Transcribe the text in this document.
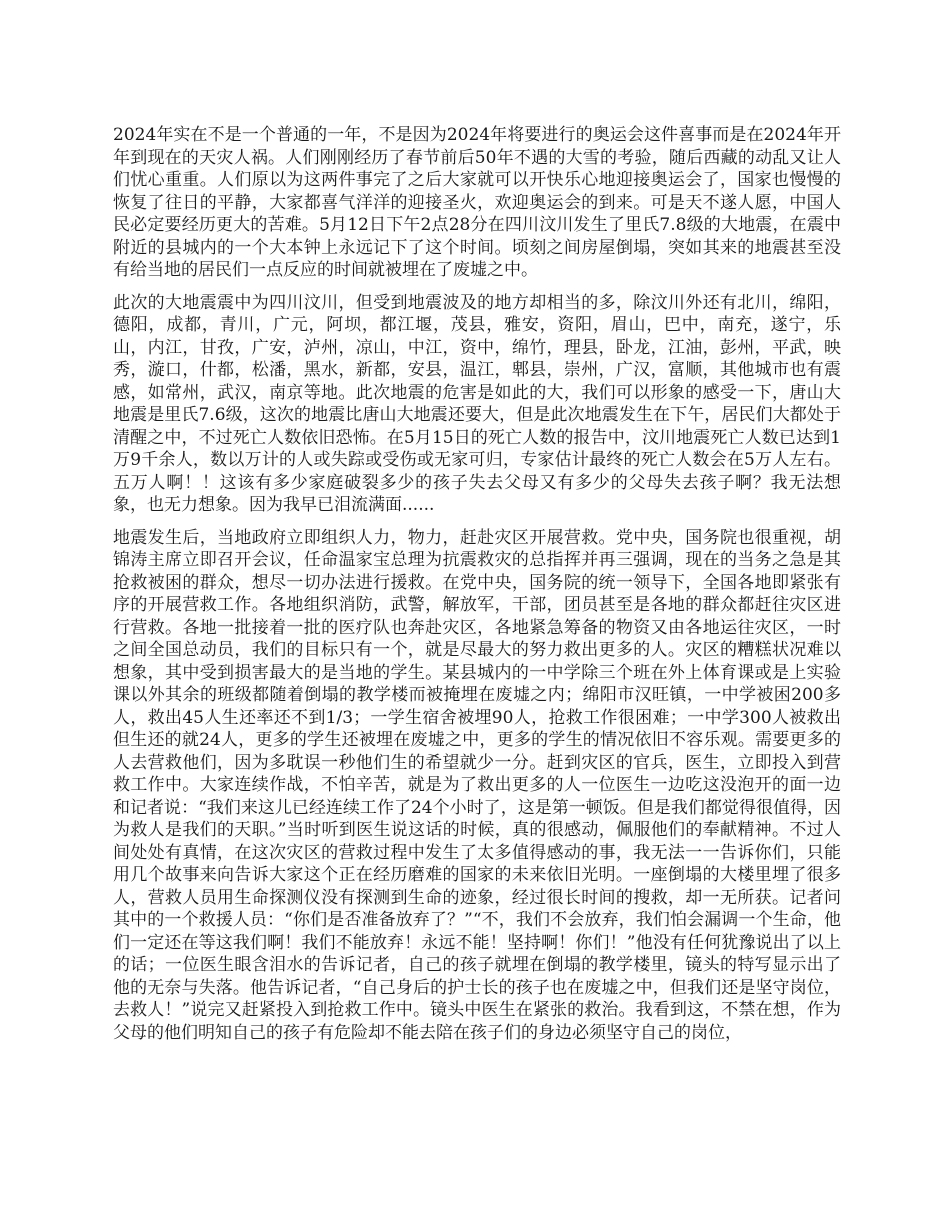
2024年实在不是一个普通的一年，不是因为2024年将要进行的奥运会这件喜事而是在2024年开年到现在的天灾人祸。人们刚刚经历了春节前后50年不遇的大雪的考验，随后西藏的动乱又让人们忧心重重。人们原以为这两件事完了之后大家就可以开快乐心地迎接奥运会了，国家也慢慢的恢复了往日的平静，大家都喜气洋洋的迎接圣火，欢迎奥运会的到来。可是天不遂人愿，中国人民必定要经历更大的苦难。5月12日下午2点28分在四川汶川发生了里氏7.8级的大地震，在震中附近的县城内的一个大本钟上永远记下了这个时间。顷刻之间房屋倒塌，突如其来的地震甚至没有给当地的居民们一点反应的时间就被埋在了废墟之中。

此次的大地震震中为四川汶川，但受到地震波及的地方却相当的多，除汶川外还有北川，绵阳，德阳，成都，青川，广元，阿坝，都江堰，茂县，雅安，资阳，眉山，巴中，南充，遂宁，乐山，内江，甘孜，广安，泸州，凉山，中江，资中，绵竹，理县，卧龙，江油，彭州，平武，映秀，漩口，什都，松潘，黑水，新都，安县，温江，郫县，崇州，广汉，富顺，其他城市也有震感，如常州，武汉，南京等地。此次地震的危害是如此的大，我们可以形象的感受一下，唐山大地震是里氏7.6级，这次的地震比唐山大地震还要大，但是此次地震发生在下午，居民们大都处于清醒之中，不过死亡人数依旧恐怖。在5月15日的死亡人数的报告中，汶川地震死亡人数已达到1万9千余人，数以万计的人或失踪或受伤或无家可归，专家估计最终的死亡人数会在5万人左右。五万人啊！！这该有多少家庭破裂多少的孩子失去父母又有多少的父母失去孩子啊？我无法想象，也无力想象。因为我早已泪流满面......

地震发生后，当地政府立即组织人力，物力，赶赴灾区开展营救。党中央，国务院也很重视，胡锦涛主席立即召开会议，任命温家宝总理为抗震救灾的总指挥并再三强调，现在的当务之急是其抢救被困的群众，想尽一切办法进行援救。在党中央，国务院的统一领导下，全国各地即紧张有序的开展营救工作。各地组织消防，武警，解放军，干部，团员甚至是各地的群众都赶往灾区进行营救。各地一批接着一批的医疗队也奔赴灾区，各地紧急筹备的物资又由各地运往灾区，一时之间全国总动员，我们的目标只有一个，就是尽最大的努力救出更多的人。灾区的糟糕状况难以想象，其中受到损害最大的是当地的学生。某县城内的一中学除三个班在外上体育课或是上实验课以外其余的班级都随着倒塌的教学楼而被掩埋在废墟之内；绵阳市汉旺镇，一中学被困200多人，救出45人生还率还不到1/3；一学生宿舍被埋90人，抢救工作很困难；一中学300人被救出但生还的就24人，更多的学生还被埋在废墟之中，更多的学生的情况依旧不容乐观。需要更多的人去营救他们，因为多耽误一秒他们生的希望就少一分。赶到灾区的官兵，医生，立即投入到营救工作中。大家连续作战，不怕辛苦，就是为了救出更多的人一位医生一边吃这没泡开的面一边和记者说：“我们来这儿已经连续工作了24个小时了，这是第一顿饭。但是我们都觉得很值得，因为救人是我们的天职。”当时听到医生说这话的时候，真的很感动，佩服他们的奉献精神。不过人间处处有真情，在这次灾区的营救过程中发生了太多值得感动的事，我无法一一告诉你们，只能用几个故事来向告诉大家这个正在经历磨难的国家的未来依旧光明。一座倒塌的大楼里埋了很多人，营救人员用生命探测仪没有探测到生命的迹象，经过很长时间的搜救，却一无所获。记者问其中的一个救援人员：“你们是否准备放弃了？”“不，我们不会放弃，我们怕会漏调一个生命，他们一定还在等这我们啊！我们不能放弃！永远不能！坚持啊！你们！”他没有任何犹豫说出了以上的话；一位医生眼含泪水的告诉记者，自己的孩子就埋在倒塌的教学楼里，镜头的特写显示出了他的无奈与失落。他告诉记者，“自己身后的护士长的孩子也在废墟之中，但我们还是坚守岗位，去救人！”说完又赶紧投入到抢救工作中。镜头中医生在紧张的救治。我看到这，不禁在想，作为父母的他们明知自己的孩子有危险却不能去陪在孩子们的身边必须坚守自己的岗位，
